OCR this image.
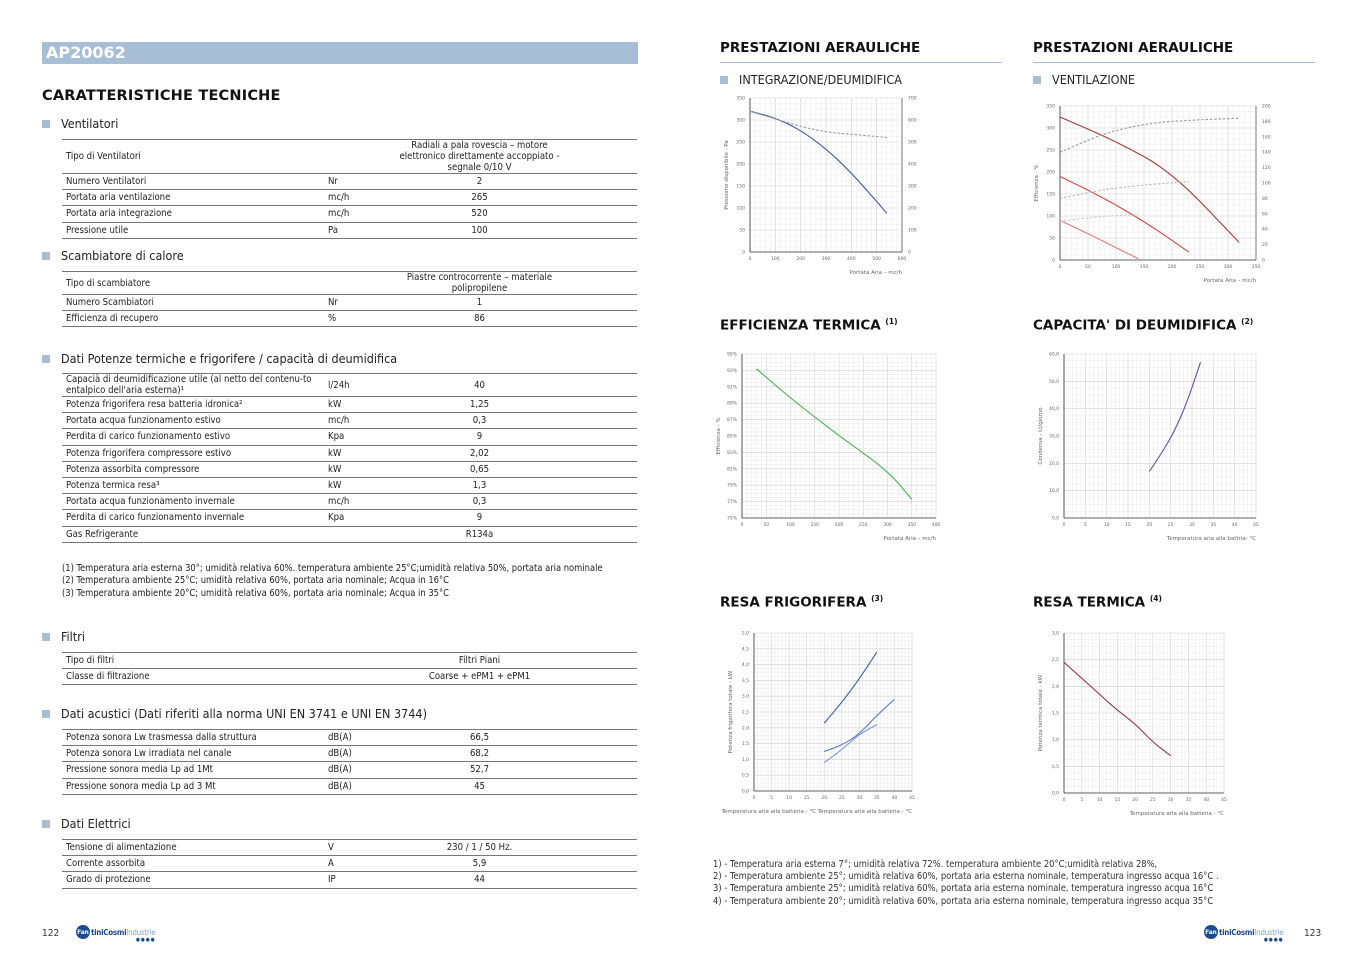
AP20062
CARATTERISTICHE TECNICHE
Ventilatori
Tipo di Ventilatori		Radiali a pala rovescia – motore elettronico direttamente accoppiato - segnale 0/10 V
Numero Ventilatori	Nr	2
Portata aria ventilazione	mc/h	265
Portata aria integrazione	mc/h	520
Pressione utile	Pa	100
Scambiatore di calore
Tipo di scambiatore		Piastre controcorrente – materiale polipropilene
Numero Scambiatori	Nr	1
Efficienza di recupero	%	86
Dati Potenze termiche e frigorifere / capacità di deumidifica
Capacià di deumidificazione utile (al netto del contenu-to entalpico dell'aria esterna)¹	l/24h	40
Potenza frigorifera resa batteria idronica²	kW	1,25
Portata acqua funzionamento estivo	mc/h	0,3
Perdita di carico funzionamento estivo	Kpa	9
Potenza frigorifera compressore estivo	kW	2,02
Potenza assorbita compressore	kW	0,65
Potenza termica resa³	kW	1,3
Portata acqua funzionamento invernale	mc/h	0,3
Perdita di carico funzionamento invernale	Kpa	9
Gas Refrigerante		R134a
(1) Temperatura aria esterna 30°; umidità relativa 60%. temperatura ambiente 25°C;umidità relativa 50%, portata aria nominale
(2) Temperatura ambiente 25°C; umidità relativa 60%, portata aria nominale; Acqua in 16°C
(3) Temperatura ambiente 20°C; umidità relativa 60%, portata aria nominale; Acqua in 35°C
Filtri
Tipo di filtri		Filtri Piani
Classe di filtrazione		Coarse + ePM1 + ePM1
Dati acustici (Dati riferiti alla norma UNI EN 3741 e UNI EN 3744)
Potenza sonora Lw trasmessa dalla struttura	dB(A)	66,5
Potenza sonora Lw irradiata nel canale	dB(A)	68,2
Pressione sonora media Lp ad 1Mt	dB(A)	52,7
Pressione sonora media Lp ad 3 Mt	dB(A)	45
Dati Elettrici
Tensione di alimentazione	V	230 / 1 / 50 Hz.
Corrente assorbita	A	5,9
Grado di protezione	IP	44
122	Fan tiniCosmiIndustrie
●●●●
PRESTAZIONI AERAULICHE
INTEGRAZIONE/DEUMIDIFICA
0	100	200	300	400	500	600
0
50
100
150
200
250
300
350
0
100
200
300
400
500
600
700
Pressione disponibile - Pa
Portata Aria – mc/h
PRESTAZIONI AERAULICHE
VENTILAZIONE
0	50	100	150	200	250	300	350
0
50
100
150
200
250
300
350
0
20
40
60
80
100
120
140
160
180
200
Efficienza - %
Portata Aria – mc/h
EFFICIENZA TERMICA $^{(1)}$
0	50	100	150	200	250	300	350	400
75%
77%
79%
81%
83%
85%
87%
89%
91%
93%
95%
Efficienza - %
Portata Aria – mc/h
CAPACITA' DI DEUMIDIFICA $^{(2)}$
0	5	10	15	20	25	30	35	40	45
0,0
10,0
20,0
30,0
40,0
50,0
60,0
Condensa - Lt/giorno
Temperatura aria alla battria- °C
RESA FRIGORIFERA $^{(3)}$
0	5	10	15	20	25	30	35	40	45
0,0
0,5
1,0
1,5
2,0
2,5
3,0
3,5
4,0
4,5
5,0
Potenza frigorifera totale - kW
Temperatura aria alla batteria - °C Temperatura aria alla batteria - °C
RESA TERMICA $^{(4)}$
0	5	10	15	20	25	30	35	40	45
0,0
0,5
1,0
1,5
2,0
2,5
3,0
Potenza termica totale - kW
Temperatura aria alla batteria - °C
1) - Temperatura aria esterna 7°; umidità relativa 72%. temperatura ambiente 20°C;umidità relativa 28%,
2) - Temperatura ambiente 25°; umidità relativa 60%, portata aria esterna nominale, temperatura ingresso acqua 16°C .
3) - Temperatura ambiente 25°; umidità relativa 60%, portata aria esterna nominale, temperatura ingresso acqua 16°C
4) - Temperatura ambiente 20°; umidità relativa 60%, portata aria esterna nominale, temperatura ingresso acqua 35°C
Fan tiniCosmiIndustrie
●●●●
123
